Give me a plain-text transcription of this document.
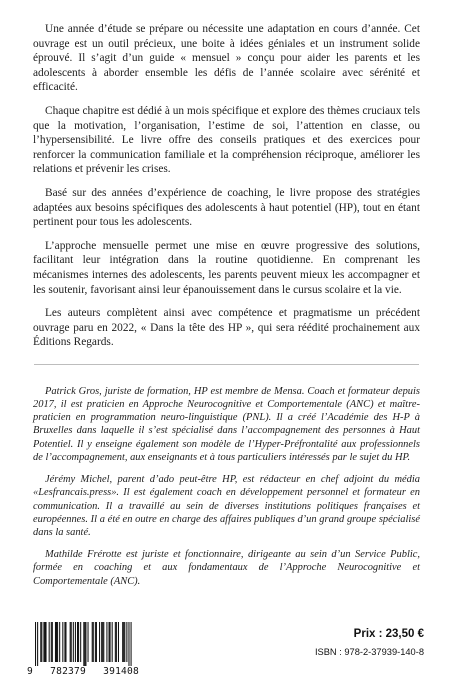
Une année d’étude se prépare ou nécessite une adaptation en cours d’année. Cet ouvrage est un outil précieux, une boite à idées géniales et un instrument solide éprouvé. Il s’agit d’un guide « mensuel » conçu pour aider les parents et les adolescents à aborder ensemble les défis de l’année scolaire avec sérénité et efficacité.

Chaque chapitre est dédié à un mois spécifique et explore des thèmes cruciaux tels que la motivation, l’organisation, l’estime de soi, l’attention en classe, ou l’hypersensibilité. Le livre offre des conseils pratiques et des exercices pour renforcer la communication familiale et la compréhension réciproque, améliorer les relations et prévenir les crises.

Basé sur des années d’expérience de coaching, le livre propose des stratégies adaptées aux besoins spécifiques des adolescents à haut potentiel (HP), tout en étant pertinent pour tous les adolescents.

L’approche mensuelle permet une mise en œuvre progressive des solutions, facilitant leur intégration dans la routine quotidienne. En comprenant les mécanismes internes des adolescents, les parents peuvent mieux les accompagner et les soutenir, favorisant ainsi leur épanouissement dans le cursus scolaire et la vie.

Les auteurs complètent ainsi avec compétence et pragmatisme un précédent ouvrage paru en 2022, « Dans la tête des HP », qui sera réédité prochainement aux Éditions Regards.

Patrick Gros, juriste de formation, HP est membre de Mensa. Coach et formateur depuis 2017, il est praticien en Approche Neurocognitive et Comportementale (ANC) et maître-praticien en programmation neuro-linguistique (PNL). Il a créé l’Académie des H-P à Bruxelles dans laquelle il s’est spécialisé dans l’accompagnement des personnes à Haut Potentiel. Il y enseigne également son modèle de l’Hyper-Préfrontalité aux professionnels de l’accompagnement, aux enseignants et à tous particuliers intéressés par le sujet du HP.

Jérémy Michel, parent d’ado peut-être HP, est rédacteur en chef adjoint du média «Lesfrancais.press». Il est également coach en développement personnel et formateur en communication. Il a travaillé au sein de diverses institutions politiques françaises et européennes. Il a été en outre en charge des affaires publiques d’un grand groupe spécialisé dans la santé.

Mathilde Frérotte est juriste et fonctionnaire, dirigeante au sein d’un Service Public, formée en coaching et aux fondamentaux de l’Approche Neurocognitive et Comportementale (ANC).

9 782379 391408
Prix : 23,50 €
ISBN : 978-2-37939-140-8
